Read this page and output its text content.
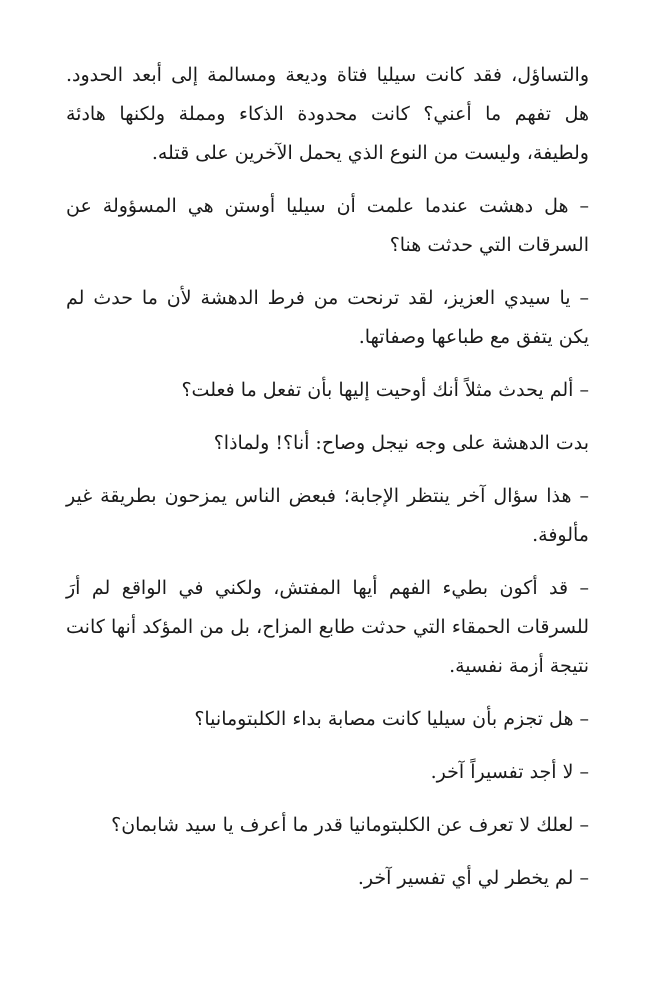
والتساؤل، فقد كانت سيليا فتاة وديعة ومسالمة إلى أبعد الحدود. هل تفهم ما أعني؟ كانت محدودة الذكاء ومملة ولكنها هادئة ولطيفة، وليست من النوع الذي يحمل الآخرين على قتله.

– هل دهشت عندما علمت أن سيليا أوستن هي المسؤولة عن السرقات التي حدثت هنا؟

– يا سيدي العزيز، لقد ترنحت من فرط الدهشة لأن ما حدث لم يكن يتفق مع طباعها وصفاتها.

– ألم يحدث مثلاً أنك أوحيت إليها بأن تفعل ما فعلت؟

بدت الدهشة على وجه نيجل وصاح: أنا؟! ولماذا؟

– هذا سؤال آخر ينتظر الإجابة؛ فبعض الناس يمزحون بطريقة غير مألوفة.

– قد أكون بطيء الفهم أيها المفتش، ولكني في الواقع لم أرَ للسرقات الحمقاء التي حدثت طابع المزاح، بل من المؤكد أنها كانت نتيجة أزمة نفسية.

– هل تجزم بأن سيليا كانت مصابة بداء الكلبتومانيا؟

– لا أجد تفسيراً آخر.

– لعلك لا تعرف عن الكلبتومانيا قدر ما أعرف يا سيد شابمان؟

– لم يخطر لي أي تفسير آخر.
